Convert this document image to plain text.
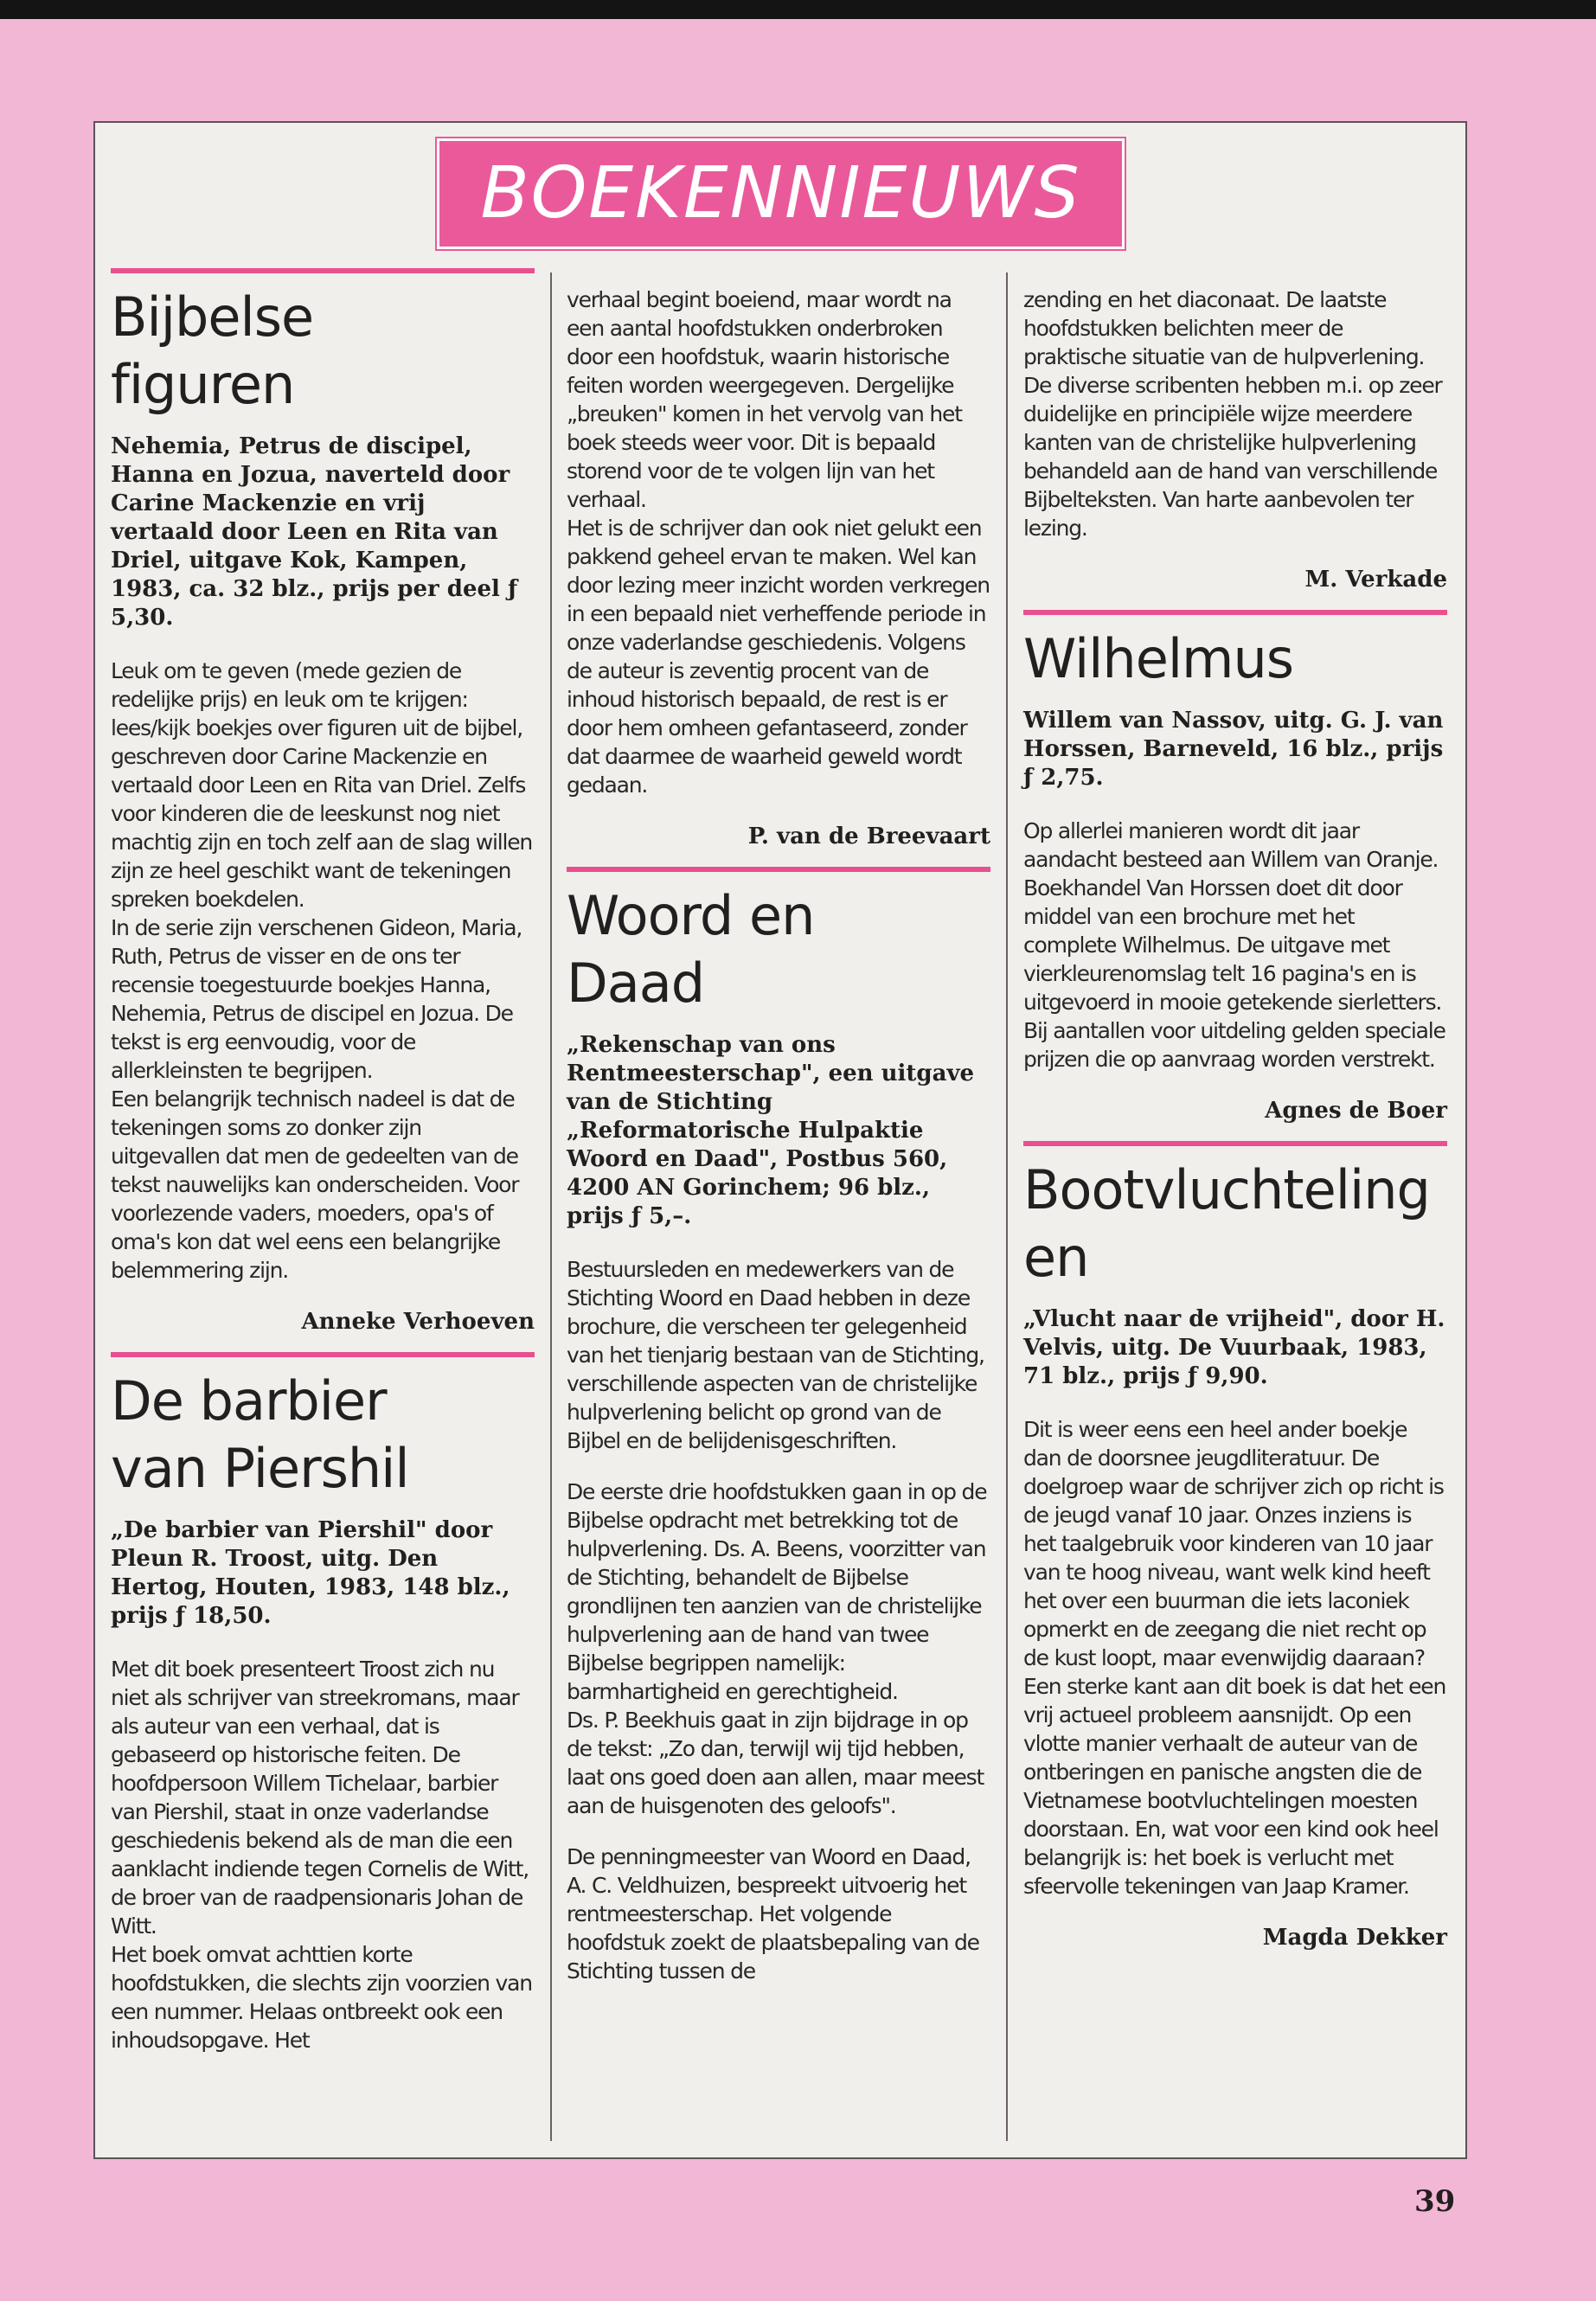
BOEKENNIEUWS
Bijbelse figuren
Nehemia, Petrus de discipel, Hanna en Jozua, naverteld door Carine Mackenzie en vrij vertaald door Leen en Rita van Driel, uitgave Kok, Kampen, 1983, ca. 32 blz., prijs per deel ƒ 5,30.
Leuk om te geven (mede gezien de redelijke prijs) en leuk om te krijgen: lees/kijk boekjes over figuren uit de bijbel, geschreven door Carine Mackenzie en vertaald door Leen en Rita van Driel. Zelfs voor kinderen die de leeskunst nog niet machtig zijn en toch zelf aan de slag willen zijn ze heel geschikt want de tekeningen spreken boekdelen.
In de serie zijn verschenen Gideon, Maria, Ruth, Petrus de visser en de ons ter recensie toegestuurde boekjes Hanna, Nehemia, Petrus de discipel en Jozua. De tekst is erg eenvoudig, voor de allerkleinsten te begrijpen.
Een belangrijk technisch nadeel is dat de tekeningen soms zo donker zijn uitgevallen dat men de gedeelten van de tekst nauwelijks kan onderscheiden. Voor voorlezende vaders, moeders, opa's of oma's kon dat wel eens een belangrijke belemmering zijn.
Anneke Verhoeven
De barbier van Piershil
„De barbier van Piershil" door Pleun R. Troost, uitg. Den Hertog, Houten, 1983, 148 blz., prijs ƒ 18,50.
Met dit boek presenteert Troost zich nu niet als schrijver van streekromans, maar als auteur van een verhaal, dat is gebaseerd op historische feiten. De hoofdpersoon Willem Tichelaar, barbier van Piershil, staat in onze vaderlandse geschiedenis bekend als de man die een aanklacht indiende tegen Cornelis de Witt, de broer van de raadpensionaris Johan de Witt.
Het boek omvat achttien korte hoofdstukken, die slechts zijn voorzien van een nummer. Helaas ontbreekt ook een inhoudsopgave. Het
verhaal begint boeiend, maar wordt na een aantal hoofdstukken onderbroken door een hoofdstuk, waarin historische feiten worden weergegeven. Dergelijke „breuken" komen in het vervolg van het boek steeds weer voor. Dit is bepaald storend voor de te volgen lijn van het verhaal.
Het is de schrijver dan ook niet gelukt een pakkend geheel ervan te maken. Wel kan door lezing meer inzicht worden verkregen in een bepaald niet verheffende periode in onze vaderlandse geschiedenis. Volgens de auteur is zeventig procent van de inhoud historisch bepaald, de rest is er door hem omheen gefantaseerd, zonder dat daarmee de waarheid geweld wordt gedaan.
P. van de Breevaart
Woord en Daad
„Rekenschap van ons Rentmeesterschap", een uitgave van de Stichting „Reformatorische Hulpaktie Woord en Daad", Postbus 560, 4200 AN Gorinchem; 96 blz., prijs ƒ 5,–.
Bestuursleden en medewerkers van de Stichting Woord en Daad hebben in deze brochure, die verscheen ter gelegenheid van het tienjarig bestaan van de Stichting, verschillende aspecten van de christelijke hulpverlening belicht op grond van de Bijbel en de belijdenisgeschriften.
De eerste drie hoofdstukken gaan in op de Bijbelse opdracht met betrekking tot de hulpverlening. Ds. A. Beens, voorzitter van de Stichting, behandelt de Bijbelse grondlijnen ten aanzien van de christelijke hulpverlening aan de hand van twee Bijbelse begrippen namelijk: barmhartigheid en gerechtigheid.
Ds. P. Beekhuis gaat in zijn bijdrage in op de tekst: „Zo dan, terwijl wij tijd hebben, laat ons goed doen aan allen, maar meest aan de huisgenoten des geloofs".
De penningmeester van Woord en Daad, A. C. Veldhuizen, bespreekt uitvoerig het rentmeesterschap. Het volgende hoofdstuk zoekt de plaatsbepaling van de Stichting tussen de
zending en het diaconaat. De laatste hoofdstukken belichten meer de praktische situatie van de hulpverlening.
De diverse scribenten hebben m.i. op zeer duidelijke en principiële wijze meerdere kanten van de christelijke hulpverlening behandeld aan de hand van verschillende Bijbelteksten. Van harte aanbevolen ter lezing.
M. Verkade
Wilhelmus
Willem van Nassov, uitg. G. J. van Horssen, Barneveld, 16 blz., prijs ƒ 2,75.
Op allerlei manieren wordt dit jaar aandacht besteed aan Willem van Oranje. Boekhandel Van Horssen doet dit door middel van een brochure met het complete Wilhelmus. De uitgave met vierkleurenomslag telt 16 pagina's en is uitgevoerd in mooie getekende sierletters. Bij aantallen voor uitdeling gelden speciale prijzen die op aanvraag worden verstrekt.
Agnes de Boer
Bootvluchtelingen
„Vlucht naar de vrijheid", door H. Velvis, uitg. De Vuurbaak, 1983, 71 blz., prijs ƒ 9,90.
Dit is weer eens een heel ander boekje dan de doorsnee jeugdliteratuur. De doelgroep waar de schrijver zich op richt is de jeugd vanaf 10 jaar. Onzes inziens is het taalgebruik voor kinderen van 10 jaar van te hoog niveau, want welk kind heeft het over een buurman die iets laconiek opmerkt en de zeegang die niet recht op de kust loopt, maar evenwijdig daaraan? Een sterke kant aan dit boek is dat het een vrij actueel probleem aansnijdt. Op een vlotte manier verhaalt de auteur van de ontberingen en panische angsten die de Vietnamese bootvluchtelingen moesten doorstaan. En, wat voor een kind ook heel belangrijk is: het boek is verlucht met sfeervolle tekeningen van Jaap Kramer.
Magda Dekker
39
